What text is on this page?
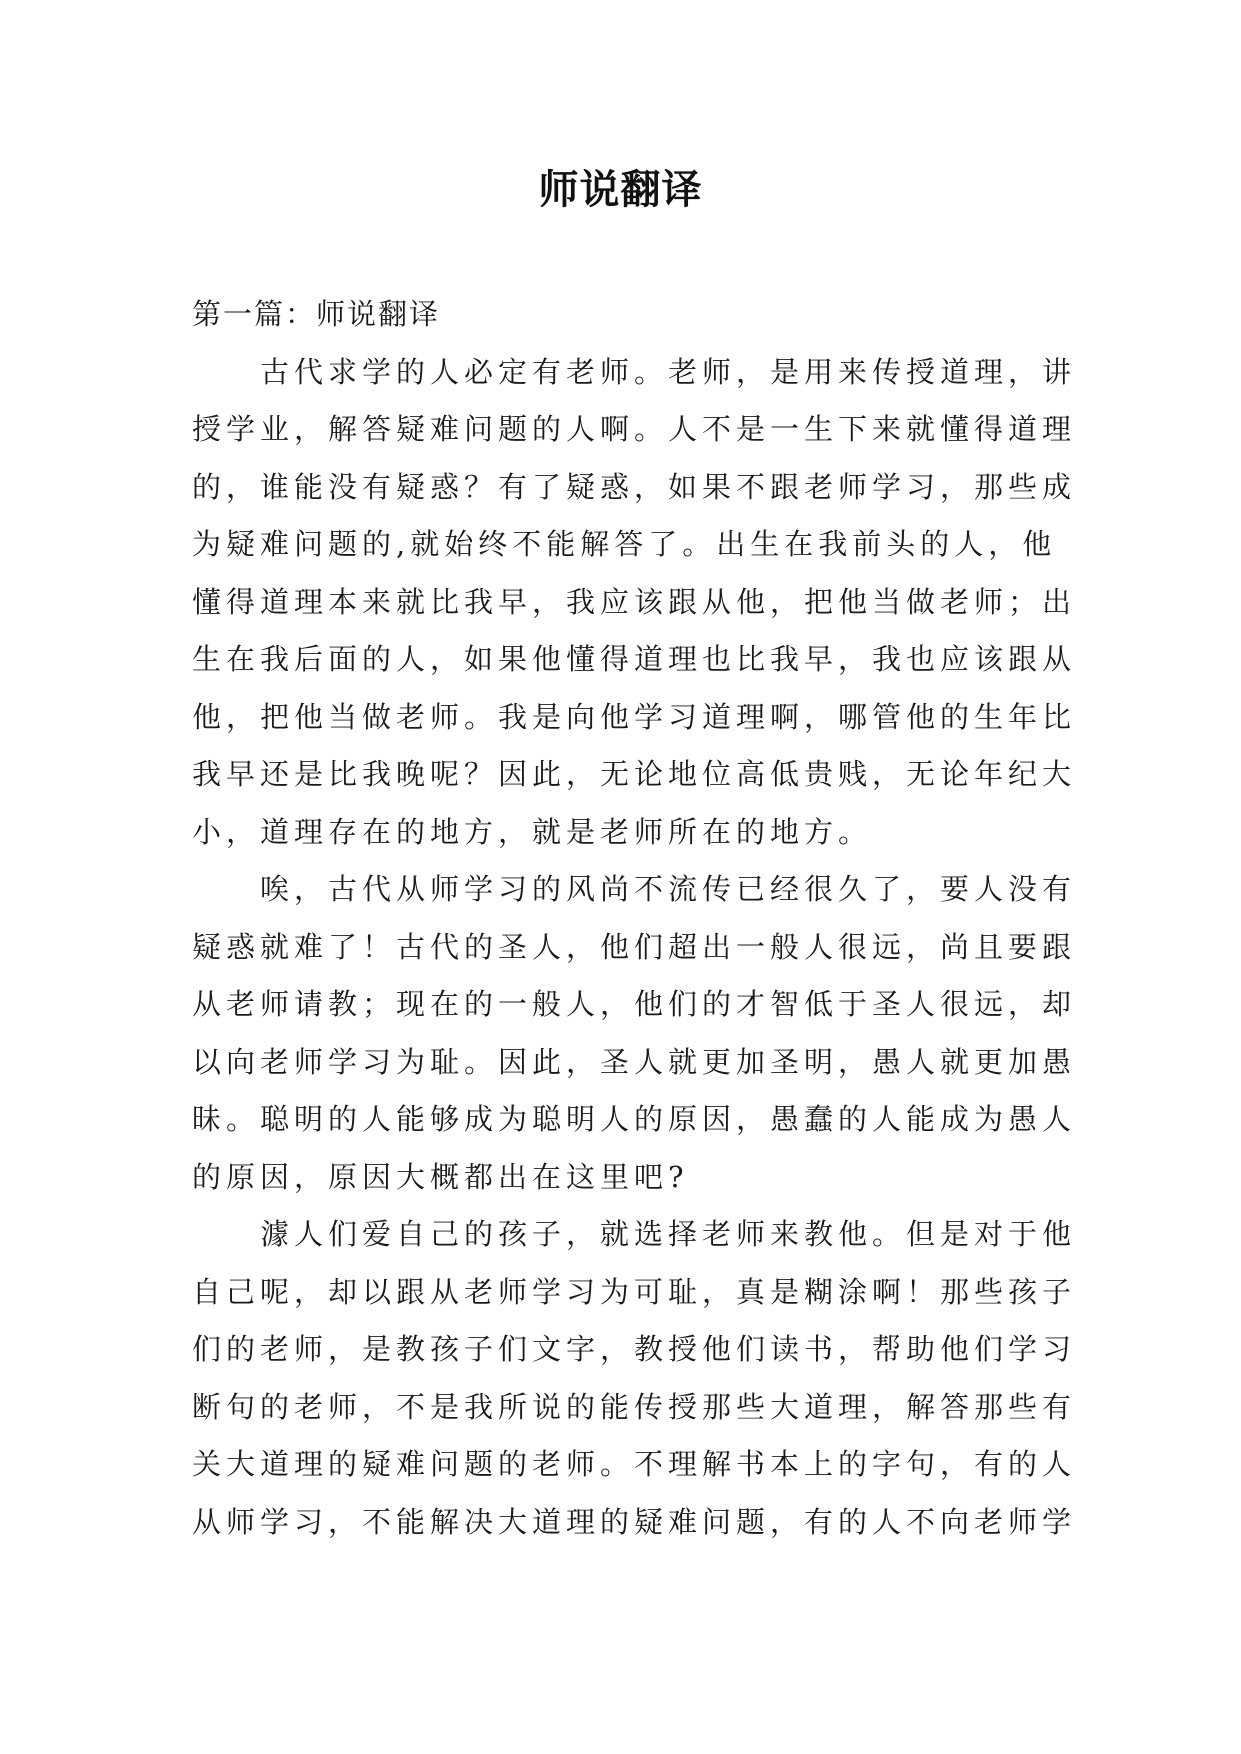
师说翻译
第一篇：师说翻译
　　古代求学的人必定有老师。老师，是用来传授道理，讲
授学业，解答疑难问题的人啊。人不是一生下来就懂得道理
的，谁能没有疑惑？有了疑惑，如果不跟老师学习，那些成
为疑难问题的,就始终不能解答了。出生在我前头的人，他
懂得道理本来就比我早，我应该跟从他，把他当做老师；出
生在我后面的人，如果他懂得道理也比我早，我也应该跟从
他，把他当做老师。我是向他学习道理啊，哪管他的生年比
我早还是比我晚呢？因此，无论地位高低贵贱，无论年纪大
小，道理存在的地方，就是老师所在的地方。
　　唉，古代从师学习的风尚不流传已经很久了，要人没有
疑惑就难了！古代的圣人，他们超出一般人很远，尚且要跟
从老师请教；现在的一般人，他们的才智低于圣人很远，却
以向老师学习为耻。因此，圣人就更加圣明，愚人就更加愚
昧。聪明的人能够成为聪明人的原因，愚蠢的人能成为愚人
的原因，原因大概都出在这里吧?
　　澽人们爱自己的孩子，就选择老师来教他。但是对于他
自己呢，却以跟从老师学习为可耻，真是糊涂啊！那些孩子
们的老师，是教孩子们文字，教授他们读书，帮助他们学习
断句的老师，不是我所说的能传授那些大道理，解答那些有
关大道理的疑难问题的老师。不理解书本上的字句，有的人
从师学习，不能解决大道理的疑难问题，有的人不向老师学
